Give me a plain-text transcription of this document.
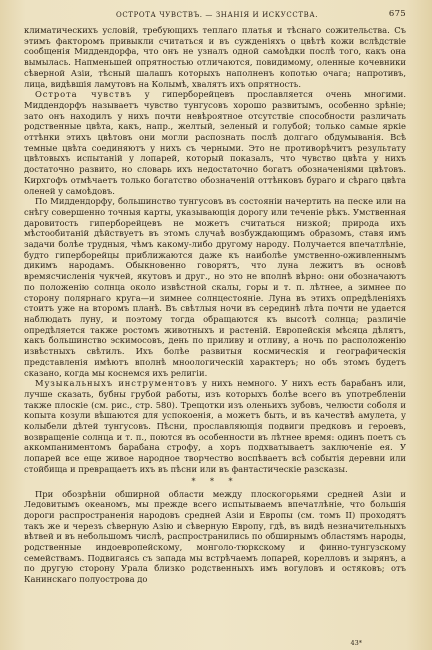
ОСТРОТА ЧУВСТВЪ. — ЗНАНІЯ И ИСКУССТВА.	675

климатическихъ условій, требующихъ теплаго платья и тѣснаго сожительства. Съ этимъ факторомъ привыкли считаться и въ сужденіяхъ о цвѣтѣ кожи вслѣдствіе сообщенія Миддендорфа, что онъ не узналъ одной самоѣдки послѣ того, какъ она вымылась. Напменьшей опрятностью отличаются, повидимому, оленные кочевники сѣверной Азіи, тѣсный шалашъ которыхъ наполненъ копотью очага; напротивъ, лица, видѣвшія ламутовъ на Колымѣ, хвалятъ ихъ опрятность.

Острота чувствъ у гиперборейцевъ прославляется очень многими. Миддендорфъ называетъ чувство тунгусовъ хорошо развитымъ, особенно зрѣніе; зато онъ находилъ у нихъ почти невѣроятное отсутствіе способности различать родственные цвѣта, какъ, напр., желтый, зеленый и голубой; только самые яркіе оттѣнки этихъ цвѣтовъ они могли распознать послѣ долгаго обдумыванія. Всѣ темные цвѣта соединяютъ у нихъ съ черными. Это не противорѣчитъ результату цвѣтовыхъ испытаній у лопарей, который показалъ, что чувство цвѣта у нихъ достаточно развито, но словарь ихъ недостаточно богатъ обозначеніями цвѣтовъ. Кирхгофъ отмѣчаетъ только богатство обозначеній оттѣнковъ бураго и сѣраго цвѣта оленей у самоѣдовъ.

По Миддендорфу, большинство тунгусовъ въ состояніи начертить на песке или на снѣгу совершенно точныя карты, указывающія дорогу или теченіе рѣкъ. Умственная даровитость гиперборейцевъ не можетъ считаться низкой; природа ихъ мѣстообитаній дѣйствуетъ въ этомъ случаѣ возбуждающимъ образомъ, ставя имъ задачи болѣе трудныя, чѣмъ какому-либо другому народу. Получается впечатлѣніе, будто гиперборейцы приближаются даже къ наиболѣе умственно-оживленнымъ дикимъ народамъ. Обыкновенно говорятъ, что луна лежитъ въ основѣ времясчисленія чукчей, якутовъ и друг., но это не вполнѣ вѣрно: они обозначаютъ по положенію солнца около извѣстной скалы, горы и т. п. лѣтнее, а зимнее по сторону полярнаго круга—и зимнее солнцестояніе. Луна въ этихъ опредѣленіяхъ стоитъ уже на второмъ планѣ. Въ свѣтлыя ночи въ серединѣ лѣта почти не удается наблюдать луну, и поэтому тогда обращаются къ высотѣ солнца; различіе опредѣляется также ростомъ животныхъ и растеній. Европейскія мѣсяца дѣлятъ, какъ большинство эскимосовъ, день по приливу и отливу, а ночь по расположенію извѣстныхъ свѣтилъ. Ихъ болѣе развитыя космическія и географическія представленія имѣютъ вполнѣ мноологическій характеръ; но объ этомъ будетъ сказано, когда мы коснемся ихъ религіи.

Музыкальныхъ инструментовъ у нихъ немного. У нихъ есть барабанъ или, лучше сказать, бубны грубой работы, изъ которыхъ болѣе всего въ употребленіи также плоскіе (см. рис., стр. 580). Трещотки изъ оленьихъ зубовъ, челюсти соболя и копыта козули вѣшаются для успокоенія, а можетъ быть, и въ качествѣ амулета, у колыбели дѣтей тунгусовъ. Пѣсни, прославляющія подвиги предковъ и героевъ, возвращеніе солнца и т. п., поются въ особенности въ лѣтнее время: одинъ поетъ съ аккомпаниментомъ барабана строфу, а хоръ подхватываетъ заключеніе ея. У лопарей все еще живое народное творчество воспѣваетъ всѣ событія деревни или стойбища и превращаетъ ихъ въ пѣсни или въ фантастическіе разсказы.

* * *

При обозрѣніи обширной области между плоскогорьями средней Азіи и Ледовитымъ океаномъ, мы прежде всего испытываемъ впечатлѣніе, что большія дороги распространенія народовъ средней Азіи и Европы (см. томъ II) проходятъ такъ же и черезъ сѣверную Азію и сѣверную Европу, гдѣ, въ видѣ незначительныхъ вѣтвей и въ небольшомъ числѣ, распространились по обширнымъ областямъ народы, родственные индоевропейскому, монголо-тюркскому и финно-тунгузскому семействамъ. Подвигаясь съ запада мы встрѣчаемъ лопарей, корелловъ и зырянъ, а по другую сторону Урала близко родственныхъ имъ вогуловъ и остяковъ; отъ Канинскаго полуострова до

43*
